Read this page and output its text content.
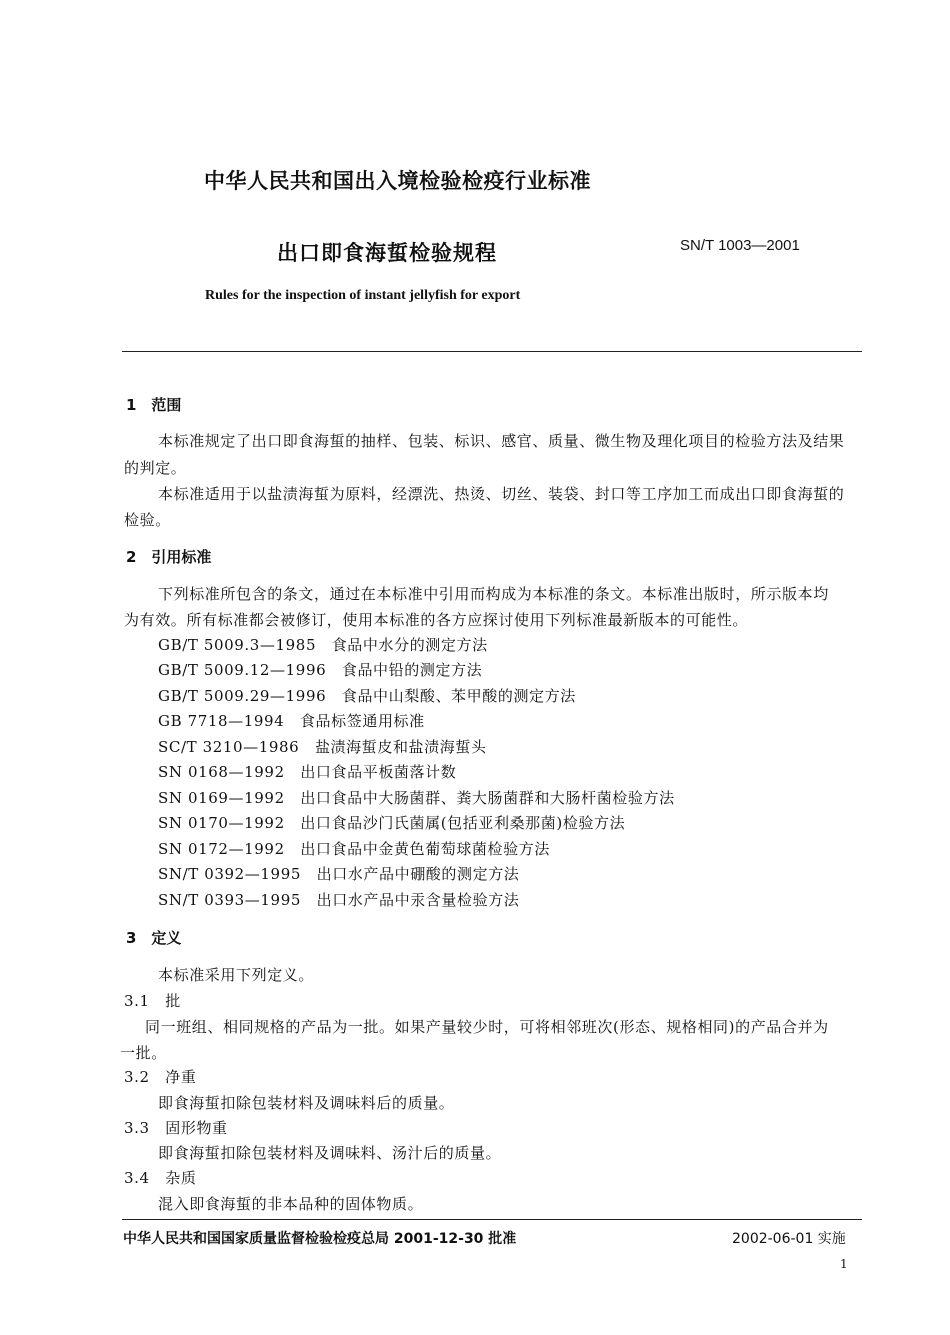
中华人民共和国出入境检验检疫行业标准
出口即食海蜇检验规程	SN/T 1003—2001
Rules for the inspection of instant jellyfish for export
1　范围
本标准规定了出口即食海蜇的抽样、包装、标识、感官、质量、微生物及理化项目的检验方法及结果
的判定。
本标准适用于以盐渍海蜇为原料，经漂洗、热烫、切丝、装袋、封口等工序加工而成出口即食海蜇的
检验。
2　引用标准
下列标准所包含的条文，通过在本标准中引用而构成为本标准的条文。本标准出版时，所示版本均
为有效。所有标准都会被修订，使用本标准的各方应探讨使用下列标准最新版本的可能性。
GB/T 5009.3—1985　 食品中水分的测定方法
GB/T 5009.12—1996　 食品中铅的测定方法
GB/T 5009.29—1996　 食品中山梨酸、苯甲酸的测定方法
GB 7718—1994　 食品标签通用标准
SC/T 3210—1986　 盐渍海蜇皮和盐渍海蜇头
SN 0168—1992　 出口食品平板菌落计数
SN 0169—1992　 出口食品中大肠菌群、粪大肠菌群和大肠杆菌检验方法
SN 0170—1992　 出口食品沙门氏菌属(包括亚利桑那菌)检验方法
SN 0172—1992　 出口食品中金黄色葡萄球菌检验方法
SN/T 0392—1995　 出口水产品中硼酸的测定方法
SN/T 0393—1995　 出口水产品中汞含量检验方法
3　定义
本标准采用下列定义。
3.1　批
同一班组、相同规格的产品为一批。如果产量较少时，可将相邻班次(形态、规格相同)的产品合并为
一批。
3.2　净重
即食海蜇扣除包装材料及调味料后的质量。
3.3　固形物重
即食海蜇扣除包装材料及调味料、汤汁后的质量。
3.4　杂质
混入即食海蜇的非本品种的固体物质。
中华人民共和国国家质量监督检验检疫总局 2001-12-30 批准	2002-06-01 实施
1
